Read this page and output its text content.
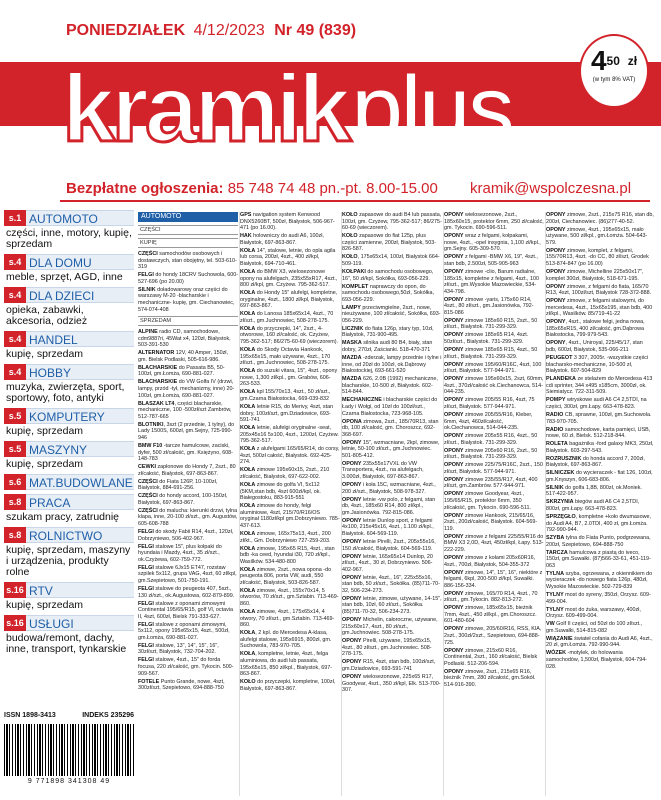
PONIEDZIAŁEK 4/12/2023 Nr 49 (839)
kramikplus	$4^{50}$ $^{zł}$
(w tym 8% VAT)
Bezpłatne ogłoszenia: 85 748 74 48 pn.-pt. 8.00-15.00 kramik@wspolczesna.pl
s.1 AUTOMOTO
części, inne, motory, kupię, sprzedam
s.4 DLA DOMU
meble, sprzęt, AGD, inne
s.4 DLA DZIECI
opieka, zabawki, akcesoria, odzież
s.4 HANDEL
kupię, sprzedam
s.4 HOBBY
muzyka, zwierzęta, sport, sportowy, foto, antyki
s.5 KOMPUTERY
kupię, sprzedam
s.5 MASZYNY
kupię, sprzedam
s.6 MAT.BUDOWLANE
s.8 PRACA
szukam pracy, zatrudnię
s.8 ROLNICTWO
kupię, sprzedam, maszyny i urządzenia, produkty rolne
s.16 RTV
kupię, sprzedam
s.16 USŁUGI
budowa/remont, dachy, inne, transport, tynkarskie
ISSN 1898-3413	INDEKS 235296
9 771898 341308 49
AUTOMOTO
CZĘŚCI
KUPIĘ

CZĘŚCI samochodów osobowych i dostawczych, stan obojętny, tel. 503-610-319

FELGI do hondy 18CRV Suchowola, 600-527-696 (po 20.00)

SILNIK doładowarowy oraz części do warszawy M-20 -blacharskie i mechaniczne- kupię, gm. Ciechanowiec, 574-074-408

SPRZEDAM

ALPINE radio CD, samochodowe, cdm9887ri, 45Wat x4, 120zł, Białystok, 503-391-530

ALTERNATOR 12V, 40 Amper, 150zł, gm. Bielsk Podlaski, 505-616-986.

BLACHARSKIE do Passata B5, 50-100zł, gm.Łomża, 690-881-027.

BLACHARSKIE do VW Golfa IV (drzwi, lampy, przód -tył, mechanizmy, inne) 20-100zł, gm.Łomża, 690-881-027.

BLASZAK LT4, części blacharskie, mechaniczne, 100 -500zł/szt Zambrów, 512-787-665

BLOTNIKI, 3szt (2 przednie, 1 tylny), do Lady 1500S, 600zł, gm.Sejny, 725-990-946

BMW F10 -tarcze hamulcowe, zaciski, dyfer, 500 zł/całość, gm. Księżyno, 608-148-783

CEWKI zapłonowe do Hondy 7, 2szt., 80 zł/całość, Białystok, 697-863-867.

CZĘŚCI do Fiata 126P, 10-100zł, Białystok, 884-691-256.

CZĘŚCI do hondy accord, 100-150zł, Białystok, 697-863-867.

CZĘŚCI do malucha: kierunki drzwi, tylna klapa, inne, 20-100 zł/szt., gm. Augustów, 605-608-788

FELGI do skody Fabii R14, 4szt., 120zł, Dobrzyniewo, 506-402-967.

FELGI stalowe 15", plus kołpaki do hyundaia i Mazdy, 4szt., 35 zł/szt., ok.Czyżewa, 602-759-772.

FELGI stalowe 6Jx15 ET47, rozstaw szpilek 5x112, grupa VAG, 4szt, 60 zł/kpl, gm.Szepietowo, 501-750-191.

FELGI stalowe do peugeota 407, 5szt., 130 zł/szt., ok.Augustowa, 602-879-899.

FELGI stalowe z oponami zimowymi Continental 195/65/R15, golf VI, octavia II, 4szt, 600zł, Bielsk 791-333-627.

FELGI stalowe z oponami zimowymi, 5x112, opony 195x65x15, 4szt., 500zł, gm.Łomża, 690-881-027.

FELGI stalowe, 13", 14", 15", 16", 30zł/szt, Białystok, 732-704-202.

FELGI stalowe, 4szt., 15" do forda focusa, 220 zł/całość, gm. Tykocin. 500-909-567.

FOTELE Punto Grande, nowe, 4szt, 300zł/szt, Szepietowo, 694-888-750

GPS navigation system Kenwood DNX5260BT, 500zł, Białystok, 506-967-471 (po 16.00).

HAK holowniczy do audi A6, 100zł, Białystok, 697-863-867.

KOŁA 14", stalowe, letnie, do opla agila lub corsa, 200zł, 4szt., 400 zł/kpl, Białystok, 694-710-461.

KOŁA do BMW X3, wielosezonowe opony na alufelgach, 235x55xR17, 4szt., 800 zł/kpl, gm. Czyżew. 795-362-517.

KOŁA do Hondy 15" alufelgi, kompletne, oryginalne, 4szt., 1800 zł/kpl, Białystok, 697-863-867.

KOŁA do Lanosa 185x65x14, 4szt., 70 zł/szt., gm.Juchnowiec, 508-278-175.

KOŁA do przyczepki, 14", 2szt., 4-otworowe, 160 zł/całość, ok. Czyżew, 795-362-517; 86/275-60-69 (wieczorem).

KOŁA do Skody Octavia Hankook, 195x65x15, mało używane, 4szt., 170 zł/szt., gm.Juchnowiec, 508-278-175.

KOŁA do suzuki vitara, 15", 4szt., opony nowe, 1,300 zł/kpl., gm. Grabów, 606-263-533.

KOŁA kpl 155/70x13, 4szt., 50 zł/szt., gm.Czarna Białostocka, 669-039-832

KOŁA letnie R15, do Merivy, 4szt, stan dobry, 100zł/szt, gm.Dziadowice, 693-591-741

KOŁA letnie, alufelgi oryginalne -seat, 205x45x16 5x100, 4szt., 1200zł, Czyżew. 795-362-517.

KOŁA z alufelgami 165/65/R14, do corsy, 4szt, 500zł całość, Białystok. 692-425-274.

KOŁA zimowe 195x60x15, 2szt., 210 zł/całość, Białystok, 697-622-002.

KOŁA zimowe do golfa VI, 5x112 (5KM,stan bdb, 4szt 600zł/kpl, ok. Białegostoku, 883-915-551

KOŁA zimowe do hondy, felgi aluminiowe, 4szt, 215/70/R16/OS oryginał 1180zł/kpl gm.Dobrzyniewo. 785-437-613.

KOŁA zimowe, 165x75x13, 4szt., 200 zł/kt., Gm. Dobrzyniewo 727-259-203.

KOŁA zimowe, 195x65 R15, 4szt., stan bdb -ka ceed, hyundai i30, 720 zł/kpl., Wasilków. 534-480-800

KOŁA zimowe, 2szt., nowa opona -do peugeota 806, porta VW, audi, 550 zł/całość, Białystok, 503-826-587.

KOŁA zimowe, 4szt., 155x70x14, 5 otworów, 70 zł/szt., gm.Sztabin. 713-469-860.

KOŁA zimowe, 4szt., 175x65x14, 4 otwory, 70 zł/szt., gm.Sztabin. 713-469-860.

KOŁA, 2 kpl. do Mercedesa A-klasa, alufelgi stalowe, 195x6915, 800zł, gm. Suchowola, 783-970-705.

KOŁA, kompletne, letnie, 4szt., felga aluminiowa, do audi lub passata, 195x65x15, 850 zł/kpl., Białystok, 697-863-867.

KOŁO do przyczepki, kompletne, 100zł, Białystok, 697-863-867.

KOŁO zapasowe do audi B4 lub passata, 100zł, gm. Czyżew, 795-362-517; 86/275-60-69 (wieczorem).

KOŁO zapasowe do fiat 125p, plus części zamienne, 200zł, Białystok, 503-826-587.

KOŁO, 175x65x14, 100zł, Białystok 664-509-119.

KOŁPAKI do samochodu osobowego, 16", 50 zł/kpl, Sokółka, 693-056-229.

KOMPLET naprawczy do opon, do samochodu osobowego,50zł, Sokółka, 693-056-229.

LAMPY przeciwmgielne, 2szt., nowe, nieużywane, 100 zł/całość, Sokółka, 693-056-229.

LICZNIK do fiata 126p, stary typ, 10zł, Białystok, 731-900-495.

MASKA silnika audi 80 B4, biały, stan dobry, 270zł, Zaścianki. 518-470-371

MAZDA -zderzak, lampy przednie i tylne i inne, od 20zł do 100zł, ok.Dąbrowy Białostockiej, 693-661-520

MAZDA 626, 2.0B (1992) mechaniczne, blacharskie, 10-500 zł, Białystok. 602-514-844.

MECHANICZNE i blacharskie części do Łady i Wołgi, od 10zł do 100zł/szt., Czarna Białostocka, 723-968-105.

OPONA zimowa, 2szt., 185/70R13, stan db, 100 zł/całość, gm. Choroszcz, 692-368-697.

OPONY 15", wzmacniane, 2kpl, zimowe, letnie, 50-100 zł/szt., gm.Juchnowiec. 501-805-412.

OPONY 235x55x17VXL do VW Transportera, 4szt., na alufelgach, 3.000zł, Białystok, 697-863-867.

OPONY i koła 15C, wzmacniane, 4szt., 200 zł/szt., Białystok, 508-978-327.

OPONY letnie -vw polo, z felgami, stan db, 4szt., 185x60 R14, 800 zł/kpl., gm.Jasionówka. 792-815-086.

OPONY letnie Dunlop sport, z felgami 4x100, 215x45x16, 4szt., 1.100 zł/kpl., Białystok. 604-569-119.

OPONY letnie Pirelli, 2szt., 205x55x16, 150 zł/całość, Białystok. 604-569-119.

OPONY letnie, 165x65x14 Dunlop, 20 zł/szt., 4szt., 30 zł, Dobrzyniewo. 506-402-967.

OPONY letnie, 4szt., 16", 225x55x16, stan bdb, 50 zł/szt., Sokółka. (85)711-70-32, 506-234-273.

OPONY letnie, zimowe, używane, 14-15", stan bdb, 10zł, 60 zł/szt., Sokółka. (85)711-70-32, 506-234-273.

OPONY Michelin, całoroczne, używane, 215x60x17, 4szt., 80 zł/szt., gm.Juchnowiec. 508-278-175.

OPONY Pirelli, używane, 195x65x15, 4szt., 80 zł/szt., gm.Juchnowiec. 508-278-175.

OPONY R15, 4szt, stan bdb, 100zł/szt, gm.Dziadowice, 693-591-741

OPONY wielosezonowe, 225x65 R17, Goodyear, 4szt., 350 zł/kpl, Elk. 513-700-307.

OPONY wielosezonowe, 2szt., 185x60x15, protektor 6mm, 250 zł/całość, gm. Tykocin. 690-596-511.

OPONY wraz z felgami, kołpakami, nowe, 4szt., -opel insygnia, 1,100 zł/kpl., gm.Sejny. 605-309-570.

OPONY z felgami -BMW X6, 19", 4szt., stan bdb, 2.500zł, 505-905-963

OPONY zimowe -clio, Barum radialne, 185x15, kompletne z felgami, 4szt., 100 zł/szt., gm.Wysokie Mazowieckie, 534-434-798.

OPONY zimowe -yaris, 175x60 R14, 4szt., 80 zł/szt., gm.Jasionówka, 792-815-086

OPONY zimowe 185x60 R15, 2szt., 50 zł/szt., Białystok. 731-299-329.

OPONY zimowe 185x65 R14, 4szt. 50zł/szt., Białystok. 731-299-329.

OPONY zimowe 185x65 R15, 4szt., 50 zł/szt., Białystok. 731-299-329.

OPONY zimowe 195/60/R16C, 4szt, 100 zł/szt, Białystok. 577-944-971.

OPONY zimowe 195x60x15, 2szt, 60mm, 4szt., 370zł/całość ok.Ciechanowca, 514-044-235.

OPONY zimowe 205/55 R16, 4szt, 75 zł/szt, Białystok. 577-944-971.

OPONY zimowe 205/55/R16, Kleber, 6mm, 4szt, 460zł/całość, ok.Ciechanowca, 514-044-235.

OPONY zimowe 205x55 R16, 4szt., 50 zł/szt., Białystok. 731-299-329.

OPONY zimowe 205x60 R16, 2szt., 50 zł/szt., Białystok. 731-299-329.

OPONY zimowe 225/75/R16C, 2szt., 150 zł/szt, Białystok. 577-944-971.

OPONY zimowe 235/55/R17, 4szt, 400 zł/szt, gm.Zambrów. 577-944-971.

OPONY zimowe Goodyear, 4szt., 195/65/R15, protektor 6mm, 350 zł/całość, gm. Tykocin. 690-596-511.

OPONY zimowe Hankook, 215/65/16, 2szt., 200zł/całość, Białystok. 604-569-119.

OPONY zimowe z felgami 225/55/R16 do BMW X3 2,0D, 4szt, 450zł/kpl, Łapy. 513-222-229.

OPONY zimowe z kołami 205x60R16, 4szt., 700zł, Białystok, 504-355-372

OPONY zimowe, 14", 15", 16", niektóre z felgami, 6kpl, 200-500 zł/kpl, Suwałki. 886-156-334.

OPONY zimowe, 165/70 R14, 4szt., 70 zł/szt., gm.Tykocin. 882-813-272.

OPONY zimowe, 185x65x15, bieżnik 7mm, 4szt., 450 zł/kpl., gm.Choroszcz. 601-480-604

OPONY zimowe, 205/60/R16, RSS, KIA, 2szt., 300zł/2szt., Szepietowo, 694-888-725.

OPONY zimowe, 215x60 R16, Continental, 2szt., 160 zł/całość, Bielsk Podlaski. 512-206-594.

OPONY zimowe, 2szt., 215x65 R16, bieżnik 7mm, 280 zł/całość, gm.Sokół. 514-916-390.

OPONY zimowe, 2szt., 215x75 R16, stan db, 200zł, Ciechanowiec. (86)277-40-52.

OPONY zimowe, 4szt., 195x65x15, mało używane, 500 zł/kpl., gm.Łomża. 504-643-579.

OPONY zimowe, komplet, z felgami, 155/70R13, 4szt. -do CC, 80 zł/szt, Grodek 513-874-847 (po 16.00)

OPONY zimowe, Michelline 225x50x17", komplet 300zł, Białystok, 518-671-195.

OPONY zimowe, z felgami do fiata, 165/70 R13, 4szt, 100zł/szt, Białystok 728-372-888.

OPONY zimowe, z felgami stalowymi, do mercedesa, 4szt., 15x65x195, stan bdb, 400 zł/kpl., Wasilków. 85/719-41-22

OPONY, 4szt., stalowe felgi, jedna nowa, 185x65xR15, 400 zł/całość, gm.Dąbrowa Białostocka, 799-979-543.

OPONY, 4szt., Uniroyal, 225/45/17, stan bdb, 600zł, Białystok, 535-066-211

PEUGEOT 3 307, 2005r. -wszystkie części blacharsko-mechaniczne, 10-500 zł, Białystok. 607-504-829

PLANDEKA ze stelażem do Mercedesa 413 cdi sprinter, 344 x495 x185cm, 3000zł, ok. Siemiatycz. 722-311-509.

POMPY wtryskowe audi A6 C4 2,5TDI, na części, 300zł, gm.Łapy. 663-478-823.

RADIO CB, sprawne, 100zł, gm.Suchowola. 783-970-705.

RADIO samochodowe, karta pamięci, USB, nowe, 60 zł, Bielsk. 512-218-844.

ROLETA bagażnika -ford galaxy MK3, 250zł, Białystok. 603-297-543.

ROZRUSZNIK do honda accord 7, 200zł, Białystok, 697-863-867.

SILNICZEK do wycieraczek - fiat 126, 100zł, gm.Knyszyn, 606-683-806.

SILNIK do golfa 1,8B, 800zł, ok.Moniek. 517-422-957.

SKRZYNIA biegów audi A6 C4 2,5TDI, 800zł, gm.Łapy. 663-478-823.

SPRZĘGŁO, kompletne +koło dwumasowe, do Audi A4, B7, 2.0TDI, 400 zł, gm.Łomża. 792-990-944.

SZYBA tylna do Fiata Punto, podgrzewana, 200zł, Szepietowo, 694-888-750

TARCZA hamulcowa z piastą do iveco, 150zł, gm.Suwałki. (87)566-33-61, 451-119-063

TYLNA szyba, ogrzewana, z okiennikiem do wycieraczek -do nowego fiata 126p, 480zł, Wysokie Mazowieckie. 502-729-839

TYLNY most do syreny, 350zł, Orzysz. 609-499-004.

TYLNY most do żuka, warszawy, 400zł, Orzysz. 609-499-004.

VW Golf II części, od 50zł do 100 zł/szt., gm.Suwałki, 514-815-082

WIĄZANIE świateł cofania do Audi A6, 4szt., 20 zł, gm.Łomża. 792-990-944.

WÓZEK -motylek, do holowania samochodów, 1,500zł, Białystok, 604-794-028.
